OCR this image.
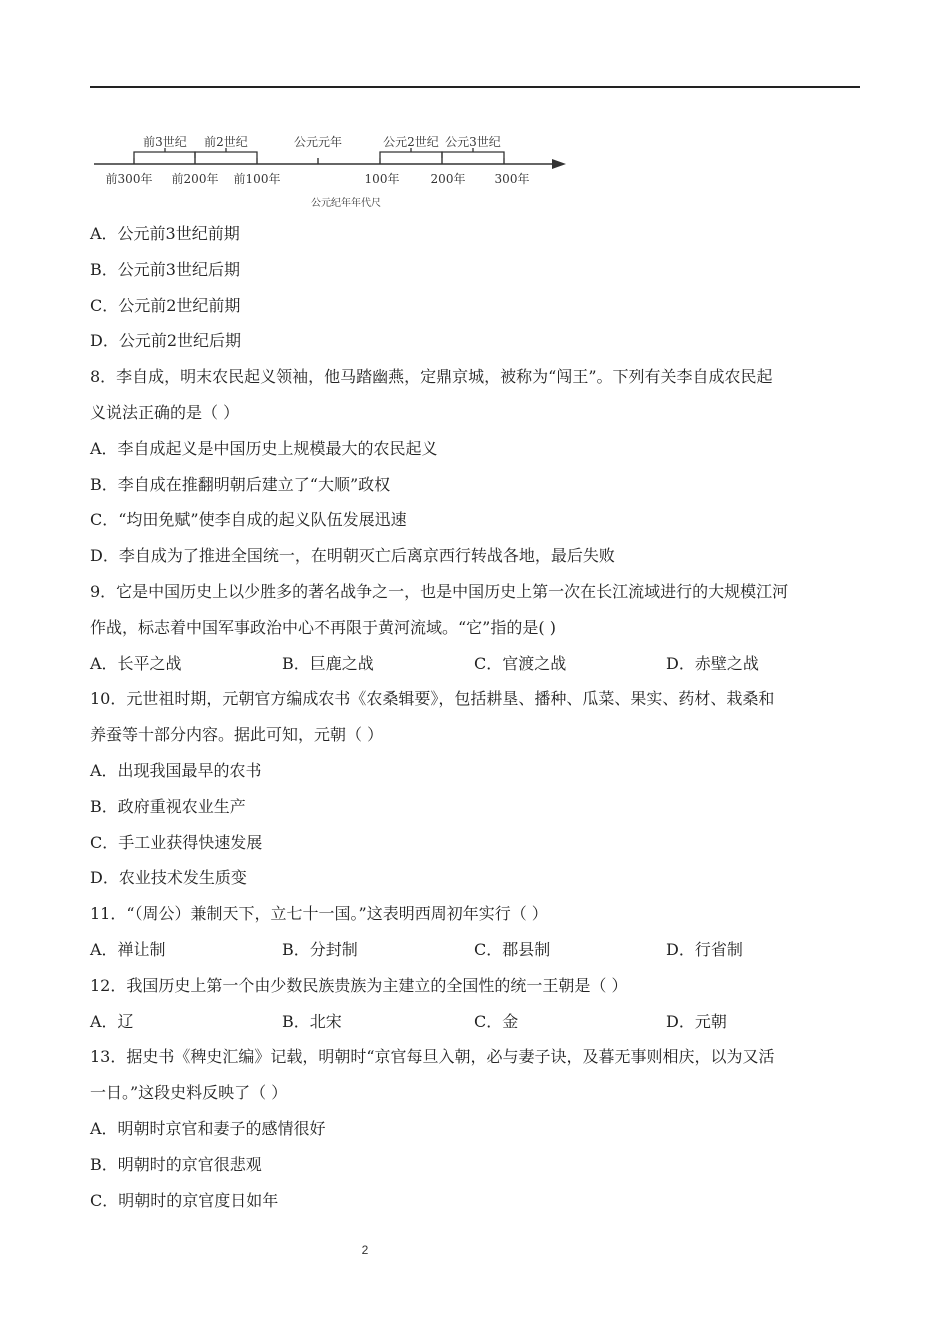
前3世纪 前2世纪	公元元年	公元2世纪 公元3世纪
前300年 前200年 前100年	100年	200年 300年
公元纪年年代尺
A．公元前3世纪前期
B．公元前3世纪后期
C．公元前2世纪前期
D．公元前2世纪后期
8．李自成，明末农民起义领袖，他马踏幽燕，定鼎京城，被称为“闯王”。下列有关李自成农民起
义说法正确的是（ ）
A．李自成起义是中国历史上规模最大的农民起义
B．李自成在推翻明朝后建立了“大顺”政权
C．“均田免赋”使李自成的起义队伍发展迅速
D．李自成为了推进全国统一，在明朝灭亡后离京西行转战各地，最后失败
9．它是中国历史上以少胜多的著名战争之一，也是中国历史上第一次在长江流域进行的大规模江河
作战，标志着中国军事政治中心不再限于黄河流域。“它”指的是( )
A．长平之战	B．巨鹿之战	C．官渡之战	D．赤壁之战
10．元世祖时期，元朝官方编成农书《农桑辑要》，包括耕垦、播种、瓜菜、果实、药材、栽桑和
养蚕等十部分内容。据此可知，元朝（ ）
A．出现我国最早的农书
B．政府重视农业生产
C．手工业获得快速发展
D．农业技术发生质变
11．“（周公）兼制天下，立七十一国。”这表明西周初年实行（ ）
A．禅让制	B．分封制	C．郡县制	D．行省制
12．我国历史上第一个由少数民族贵族为主建立的全国性的统一王朝是（ ）
A．辽	B．北宋	C．金	D．元朝
13．据史书《稗史汇编》记载，明朝时“京官每旦入朝，必与妻子诀，及暮无事则相庆，以为又活
一日。”这段史料反映了（ ）
A．明朝时京官和妻子的感情很好
B．明朝时的京官很悲观
C．明朝时的京官度日如年
2
